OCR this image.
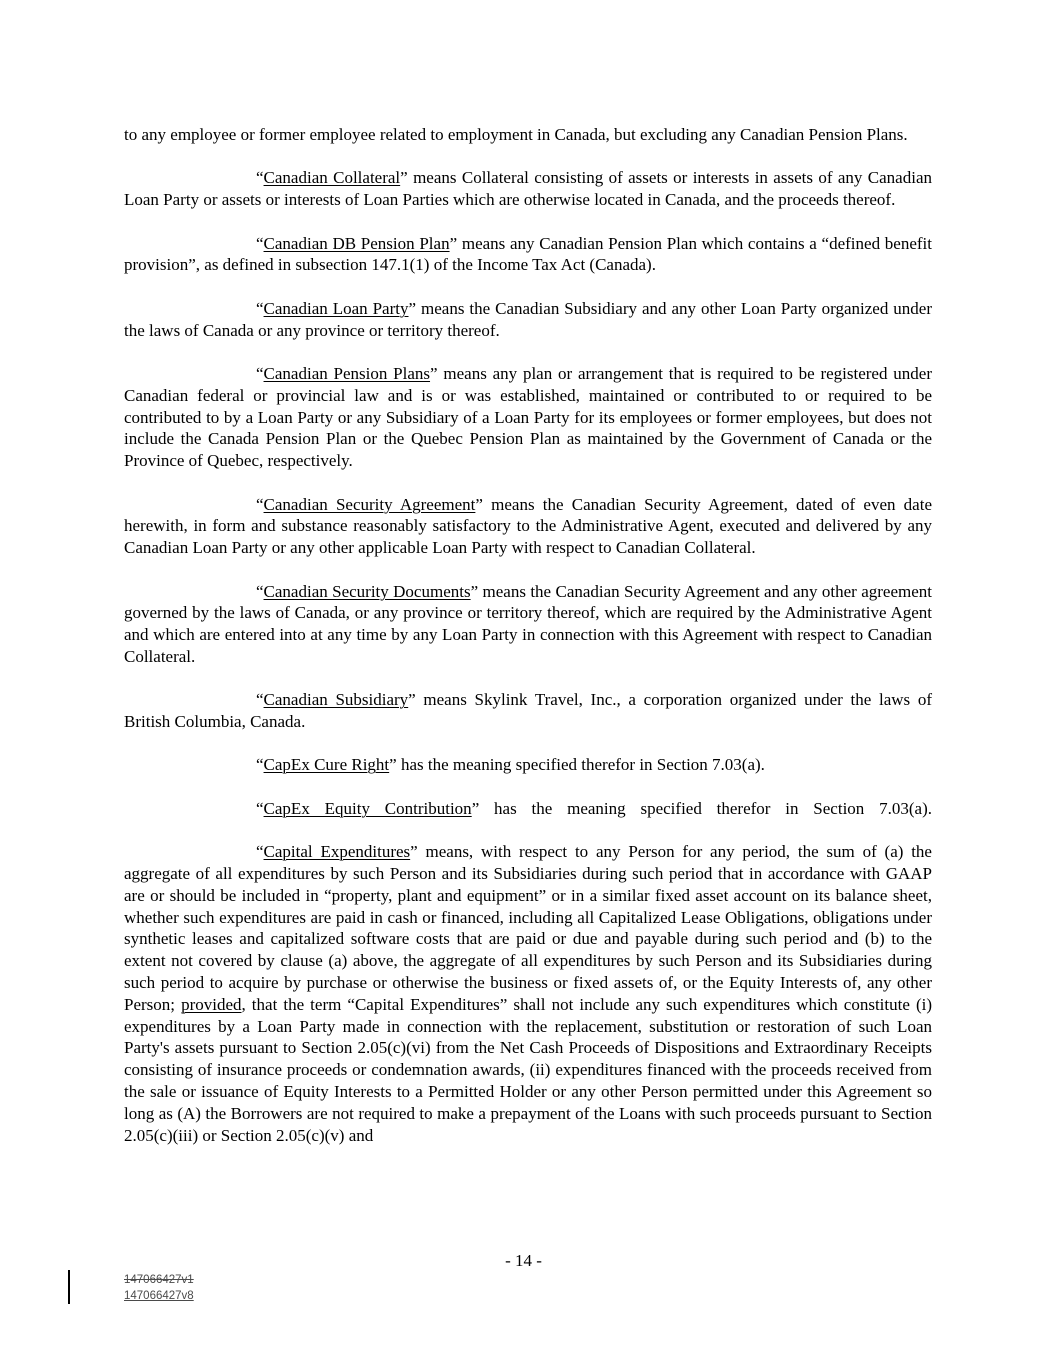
to any employee or former employee related to employment in Canada, but excluding any Canadian Pension Plans.

“Canadian Collateral” means Collateral consisting of assets or interests in assets of any Canadian Loan Party or assets or interests of Loan Parties which are otherwise located in Canada, and the proceeds thereof.

“Canadian DB Pension Plan” means any Canadian Pension Plan which contains a “defined benefit provision”, as defined in subsection 147.1(1) of the Income Tax Act (Canada).

“Canadian Loan Party” means the Canadian Subsidiary and any other Loan Party organized under the laws of Canada or any province or territory thereof.

“Canadian Pension Plans” means any plan or arrangement that is required to be registered under Canadian federal or provincial law and is or was established, maintained or contributed to or required to be contributed to by a Loan Party or any Subsidiary of a Loan Party for its employees or former employees, but does not include the Canada Pension Plan or the Quebec Pension Plan as maintained by the Government of Canada or the Province of Quebec, respectively.

“Canadian Security Agreement” means the Canadian Security Agreement, dated of even date herewith, in form and substance reasonably satisfactory to the Administrative Agent, executed and delivered by any Canadian Loan Party or any other applicable Loan Party with respect to Canadian Collateral.

“Canadian Security Documents” means the Canadian Security Agreement and any other agreement governed by the laws of Canada, or any province or territory thereof, which are required by the Administrative Agent and which are entered into at any time by any Loan Party in connection with this Agreement with respect to Canadian Collateral.

“Canadian Subsidiary” means Skylink Travel, Inc., a corporation organized under the laws of British Columbia, Canada.

“CapEx Cure Right” has the meaning specified therefor in Section 7.03(a).

“CapEx Equity Contribution” has the meaning specified therefor in Section 7.03(a).

“Capital Expenditures” means, with respect to any Person for any period, the sum of (a) the aggregate of all expenditures by such Person and its Subsidiaries during such period that in accordance with GAAP are or should be included in “property, plant and equipment” or in a similar fixed asset account on its balance sheet, whether such expenditures are paid in cash or financed, including all Capitalized Lease Obligations, obligations under synthetic leases and capitalized software costs that are paid or due and payable during such period and (b) to the extent not covered by clause (a) above, the aggregate of all expenditures by such Person and its Subsidiaries during such period to acquire by purchase or otherwise the business or fixed assets of, or the Equity Interests of, any other Person; provided, that the term “Capital Expenditures” shall not include any such expenditures which constitute (i) expenditures by a Loan Party made in connection with the replacement, substitution or restoration of such Loan Party's assets pursuant to Section 2.05(c)(vi) from the Net Cash Proceeds of Dispositions and Extraordinary Receipts consisting of insurance proceeds or condemnation awards, (ii) expenditures financed with the proceeds received from the sale or issuance of Equity Interests to a Permitted Holder or any other Person permitted under this Agreement so long as (A) the Borrowers are not required to make a prepayment of the Loans with such proceeds pursuant to Section 2.05(c)(iii) or Section 2.05(c)(v) and

- 14 -
147066427v1
147066427v8
